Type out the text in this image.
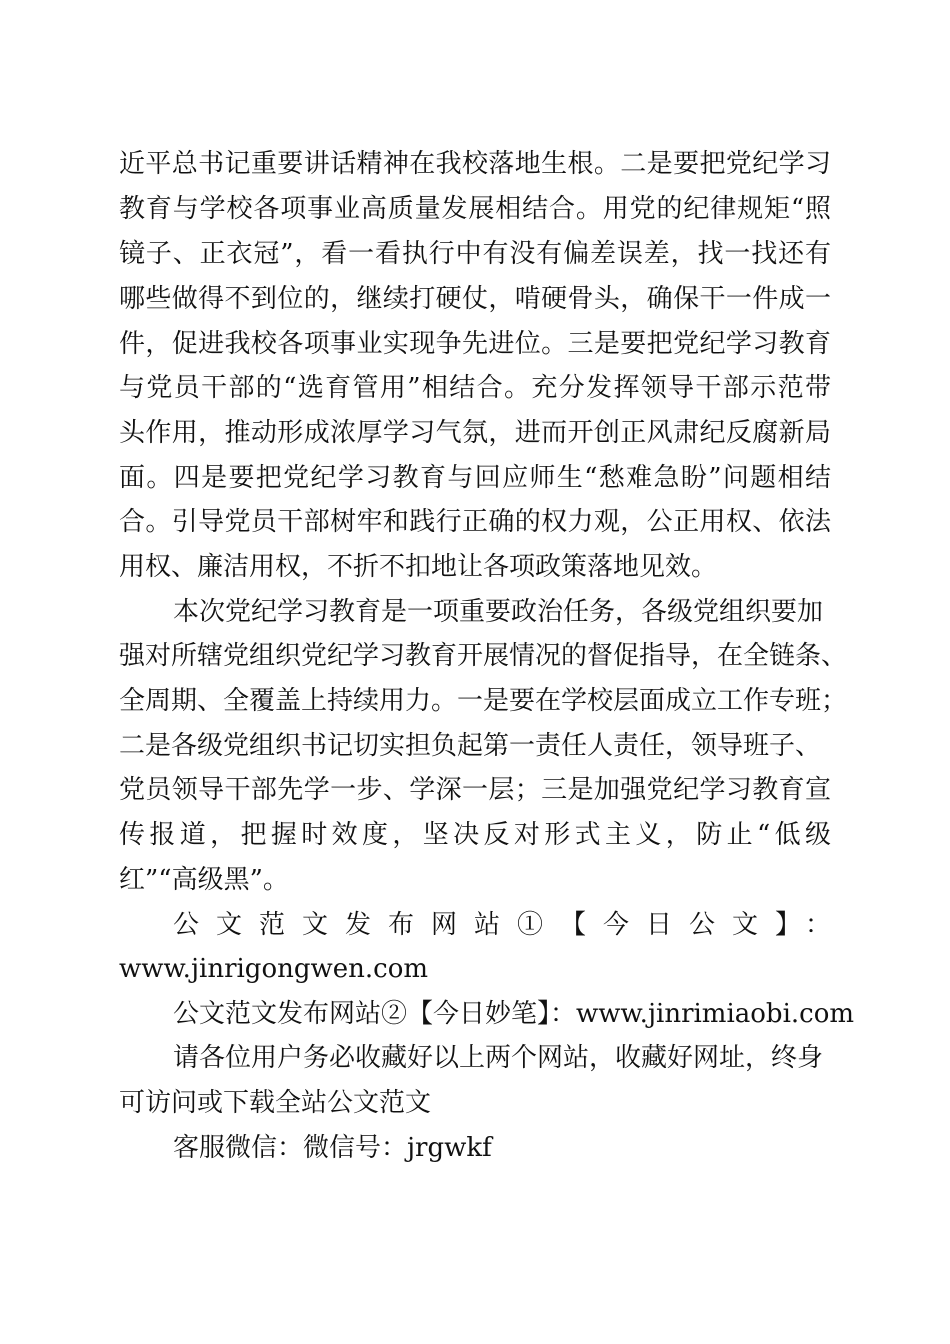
近平总书记重要讲话精神在我校落地生根。二是要把党纪学习

教育与学校各项事业高质量发展相结合。用党的纪律规矩“照

镜子、正衣冠”，看一看执行中有没有偏差误差，找一找还有

哪些做得不到位的，继续打硬仗，啃硬骨头，确保干一件成一

件，促进我校各项事业实现争先进位。三是要把党纪学习教育

与党员干部的“选育管用”相结合。充分发挥领导干部示范带

头作用，推动形成浓厚学习气氛，进而开创正风肃纪反腐新局

面。四是要把党纪学习教育与回应师生“愁难急盼”问题相结

合。引导党员干部树牢和践行正确的权力观，公正用权、依法

用权、廉洁用权，不折不扣地让各项政策落地见效。

本次党纪学习教育是一项重要政治任务，各级党组织要加

强对所辖党组织党纪学习教育开展情况的督促指导，在全链条、

全周期、全覆盖上持续用力。一是要在学校层面成立工作专班；

二是各级党组织书记切实担负起第一责任人责任，领导班子、

党员领导干部先学一步、学深一层；三是加强党纪学习教育宣

传报道，把握时效度，坚决反对形式主义，防止“低级

红”“高级黑”。

公文范文发布网站①【今日公文】：

www.jinrigongwen.com

公文范文发布网站②【今日妙笔】：www.jinrimiaobi.com

请各位用户务必收藏好以上两个网站，收藏好网址，终身

可访问或下载全站公文范文

客服微信：微信号：jrgwkf
